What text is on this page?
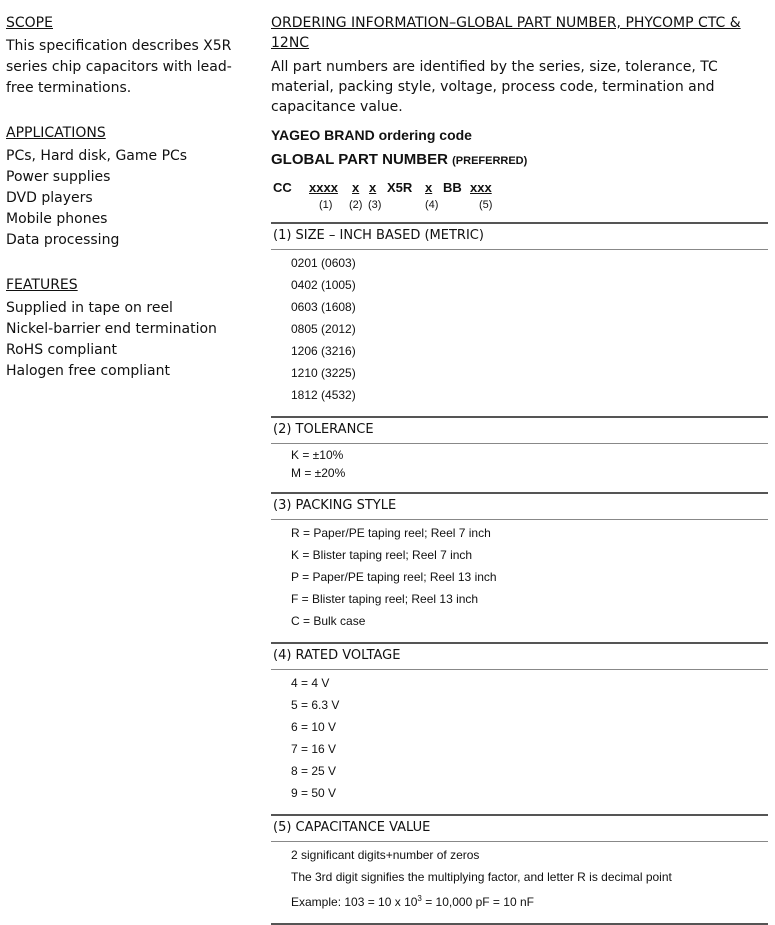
SCOPE
This specification describes X5R
series chip capacitors with lead-
free terminations.
APPLICATIONS
PCs, Hard disk, Game PCs
Power supplies
DVD players
Mobile phones
Data processing
FEATURES
Supplied in tape on reel
Nickel-barrier end termination
RoHS compliant
Halogen free compliant
ORDERING INFORMATION–GLOBAL PART NUMBER, PHYCOMP CTC & 12NC
All part numbers are identified by the series, size, tolerance, TC material, packing style, voltage, process code, termination and capacitance value.
YAGEO BRAND ordering code
GLOBAL PART NUMBER (PREFERRED)
CC xxxx x x X5R x BB xxx
(1) (2) (3)	(4)	(5)
(1) SIZE – INCH BASED (METRIC)
0201 (0603)
0402 (1005)
0603 (1608)
0805 (2012)
1206 (3216)
1210 (3225)
1812 (4532)
(2) TOLERANCE
K = ±10%
M = ±20%
(3) PACKING STYLE
R = Paper/PE taping reel; Reel 7 inch
K = Blister taping reel; Reel 7 inch
P = Paper/PE taping reel; Reel 13 inch
F = Blister taping reel; Reel 13 inch
C = Bulk case
(4) RATED VOLTAGE
4 = 4 V
5 = 6.3 V
6 = 10 V
7 = 16 V
8 = 25 V
9 = 50 V
(5) CAPACITANCE VALUE
2 significant digits+number of zeros
The 3rd digit signifies the multiplying factor, and letter R is decimal point
Example: 103 = 10 x $10^3 = 10,000$ pF = 10 nF
